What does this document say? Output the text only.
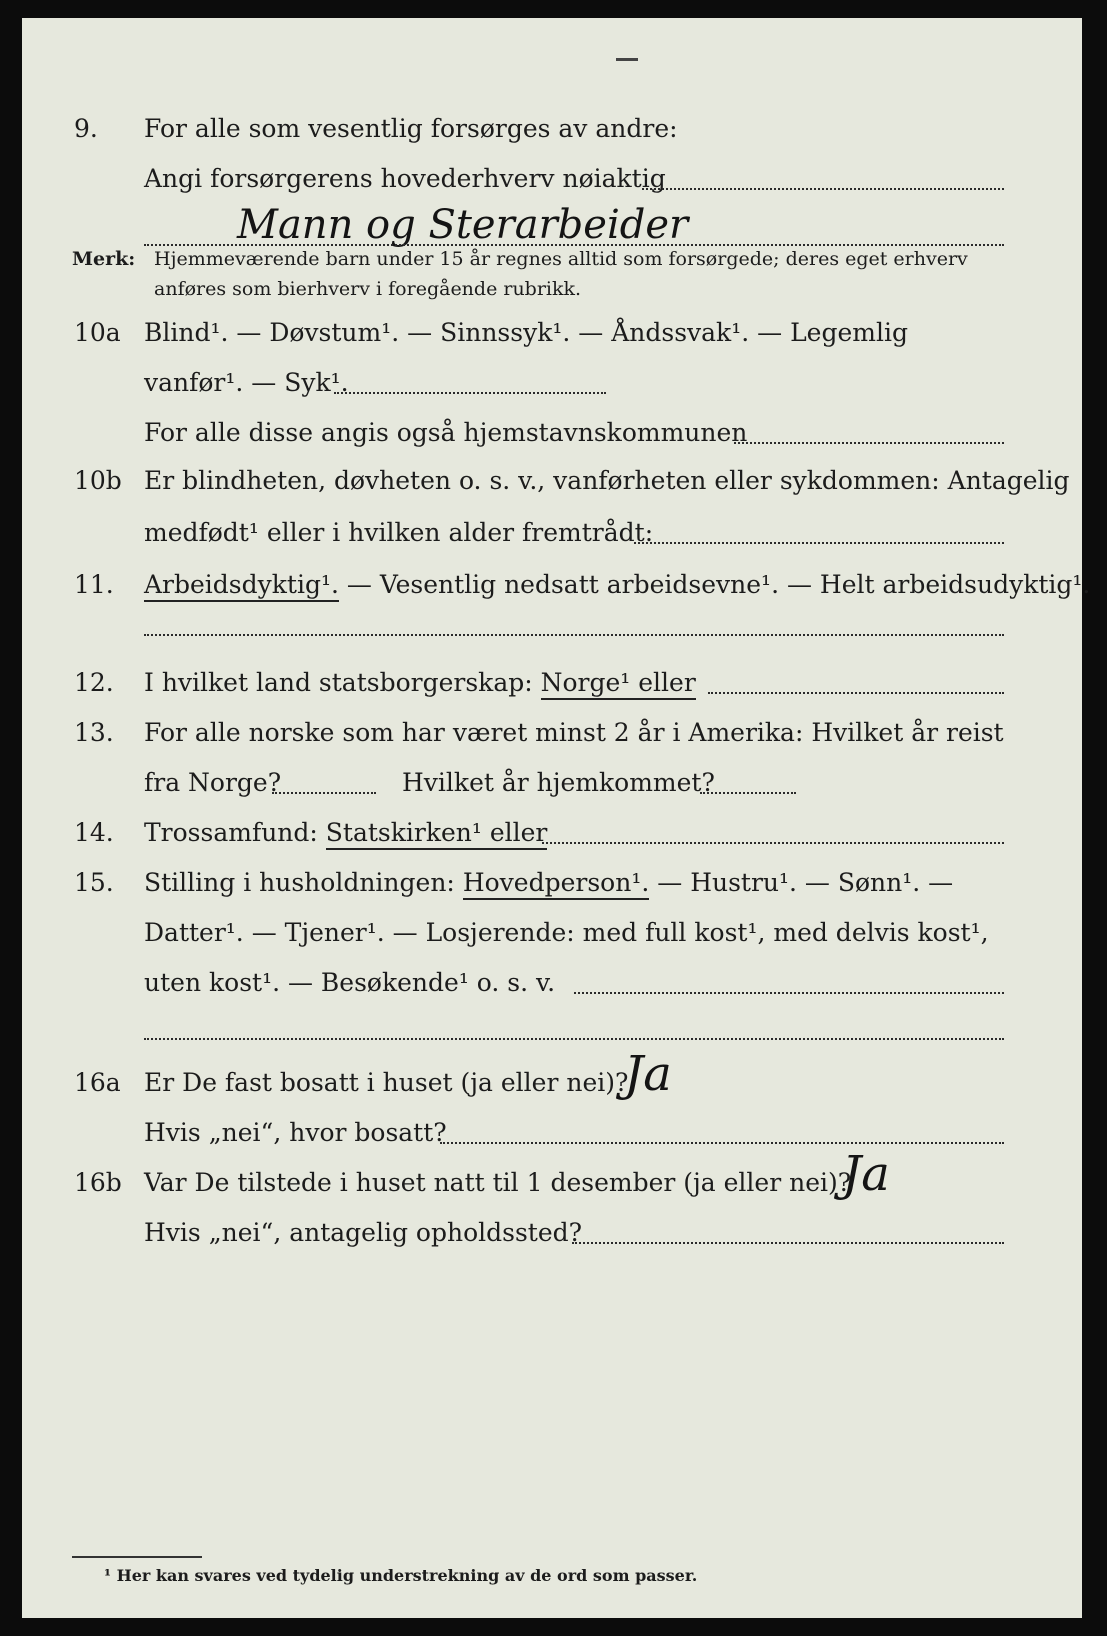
9. For alle som vesentlig forsørges av andre:
Angi forsørgerens hovederhverv nøiaktig
Mann og Sterarbeider
Merk: Hjemmeværende barn under 15 år regnes alltid som forsørgede; deres eget erhverv
anføres som bierhverv i foregående rubrikk.
10a Blind¹. — Døvstum¹. — Sinnssyk¹. — Åndssvak¹. — Legemlig
vanfør¹. — Syk¹.
For alle disse angis også hjemstavnskommunen
10b Er blindheten, døvheten o. s. v., vanførheten eller sykdommen: Antagelig
medfødt¹ eller i hvilken alder fremtrådt:
11. Arbeidsdyktig¹. — Vesentlig nedsatt arbeidsevne¹. — Helt arbeidsudyktig¹.
12. I hvilket land statsborgerskap: Norge¹ eller
13. For alle norske som har været minst 2 år i Amerika: Hvilket år reist
fra Norge?	Hvilket år hjemkommet?
14. Trossamfund: Statskirken¹ eller
15. Stilling i husholdningen: Hovedperson¹. — Hustru¹. — Sønn¹. —
Datter¹. — Tjener¹. — Losjerende: med full kost¹, med delvis kost¹,
uten kost¹. — Besøkende¹ o. s. v.
16a Er De fast bosatt i huset (ja eller nei)?
Ja
Hvis „nei“, hvor bosatt?
16b Var De tilstede i huset natt til 1 desember (ja eller nei)?
Ja
Hvis „nei“, antagelig opholdssted?
¹ Her kan svares ved tydelig understrekning av de ord som passer.
